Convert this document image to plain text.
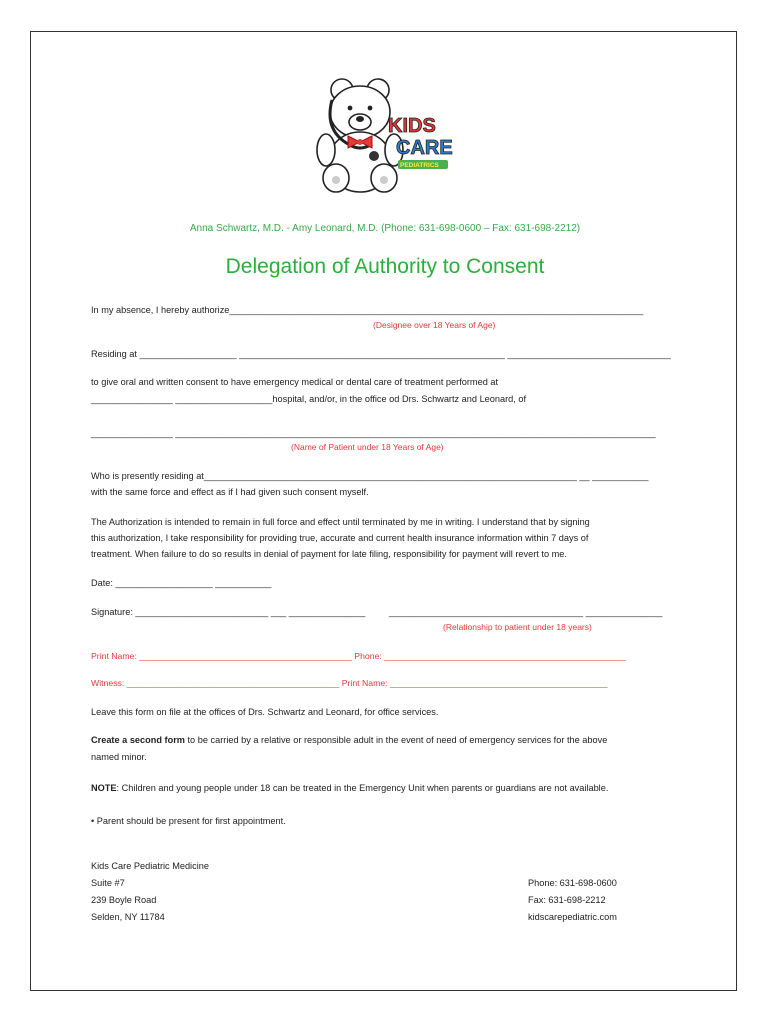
KIDS
CARE
PEDIATRICS
Anna Schwartz, M.D. - Amy Leonard, M.D. (Phone: 631-698-0600 – Fax: 631-698-2212)
Delegation of Authority to Consent
In my absence, I hereby authorize_________________________________________________________________________________
(Designee over 18 Years of Age)
Residing at ___________________ ____________________________________________________ ________________________________
to give oral and written consent to have emergency medical or dental care of treatment performed at
________________ ___________________hospital, and/or, in the office od Drs. Schwartz and Leonard, of
________________ ______________________________________________________________________________________________
(Name of Patient under 18 Years of Age)
Who is presently residing at_________________________________________________________________________ __ ___________
with the same force and effect as if I had given such consent myself.
The Authorization is intended to remain in full force and effect until terminated by me in writing. I understand that by signing
this authorization, I take responsibility for providing true, accurate and current health insurance information within 7 days of
treatment. When failure to do so results in denial of payment for late filing, responsibility for payment will revert to me.
Date: ___________________ ___________
Signature: __________________________ ___ _______________	______________________________________ _______________
(Relationship to patient under 18 years)
Print Name: ____________________________________________ Phone: __________________________________________________
Witness: ____________________________________________ Print Name: _____________________________________________
Leave this form on file at the offices of Drs. Schwartz and Leonard, for office services.
Create a second form to be carried by a relative or responsible adult in the event of need of emergency services for the above
named minor.
NOTE: Children and young people under 18 can be treated in the Emergency Unit when parents or guardians are not available.
• Parent should be present for first appointment.
Kids Care Pediatric Medicine
Suite #7
239 Boyle Road
Selden, NY 11784
Phone: 631-698-0600
Fax: 631-698-2212
kidscarepediatric.com
